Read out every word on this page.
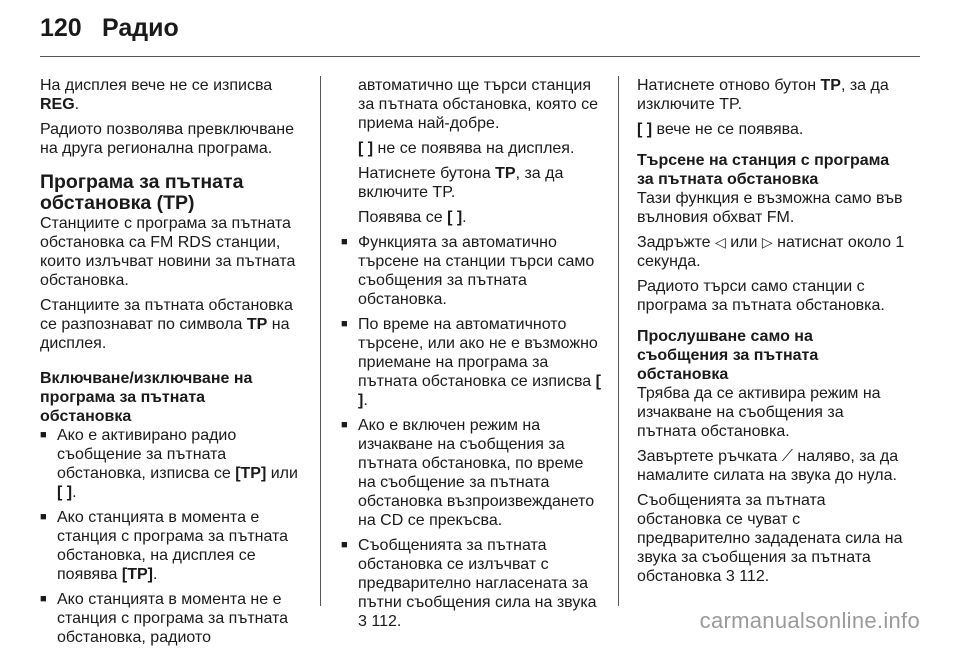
120 Радио

На дисплея вече не се изписва REG.

Радиото позволява превключване на друга регионална програма.

Програма за пътната обстановка (TP)

Станциите с програма за пътната обстановка са FM RDS станции, които излъчват новини за пътната обстановка.

Станциите за пътната обстановка се разпознават по символа TP на дисплея.

Включване/изключване на програма за пътната обстановка
■ Ако е активирано радио съобщение за пътната обстановка, изписва се [TP] или [ ].
■ Ако станцията в момента е станция с програма за пътната обстановка, на дисплея се появява [TP].
■ Ако станцията в момента не е станция с програма за пътната обстановка, радиото

автоматично ще търси станция за пътната обстановка, която се приема най-добре.

[ ] не се появява на дисплея.

Натиснете бутона TP, за да включите TP.

Появява се [ ].

■ Функцията за автоматично търсене на станции търси само съобщения за пътната обстановка.
■ По време на автоматичното търсене, или ако не е възможно приемане на програма за пътната обстановка се изписва [ ].
■ Ако е включен режим на изчакване на съобщения за пътната обстановка, по време на съобщение за пътната обстановка възпроизвеждането на CD се прекъсва.
■ Съобщенията за пътната обстановка се излъчват с предварително нагласената за пътни съобщения сила на звука 3 112.

Натиснете отново бутон TP, за да изключите TP.

[ ] вече не се появява.

Търсене на станция с програма за пътната обстановка

Тази функция е възможна само във вълновия обхват FM.

Задръжте ◁ или ▷ натиснат около 1 секунда.

Радиото търси само станции с програма за пътната обстановка.

Прослушване само на съобщения за пътната обстановка

Трябва да се активира режим на изчакване на съобщения за пътната обстановка.

Завъртете ръчката ⟋ наляво, за да намалите силата на звука до нула.

Съобщенията за пътната обстановка се чуват с предварително зададената сила на звука за съобщения за пътната обстановка 3 112.

carmanualsonline.info
